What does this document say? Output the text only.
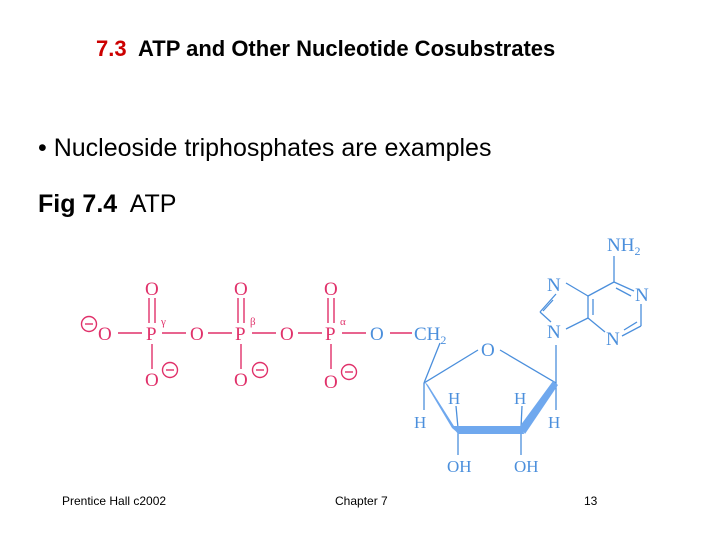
7.3 ATP and Other Nucleotide Cosubstrates
• Nucleoside triphosphates are examples
Fig 7.4 ATP
O
O
P
O
O
O
P
O
O
O
P
O
γ	β	α
O $CH_2$ O
H	H
H	H
OH OH
$NH_2$
N	N
N N
Prentice Hall c2002	Chapter 7	13
